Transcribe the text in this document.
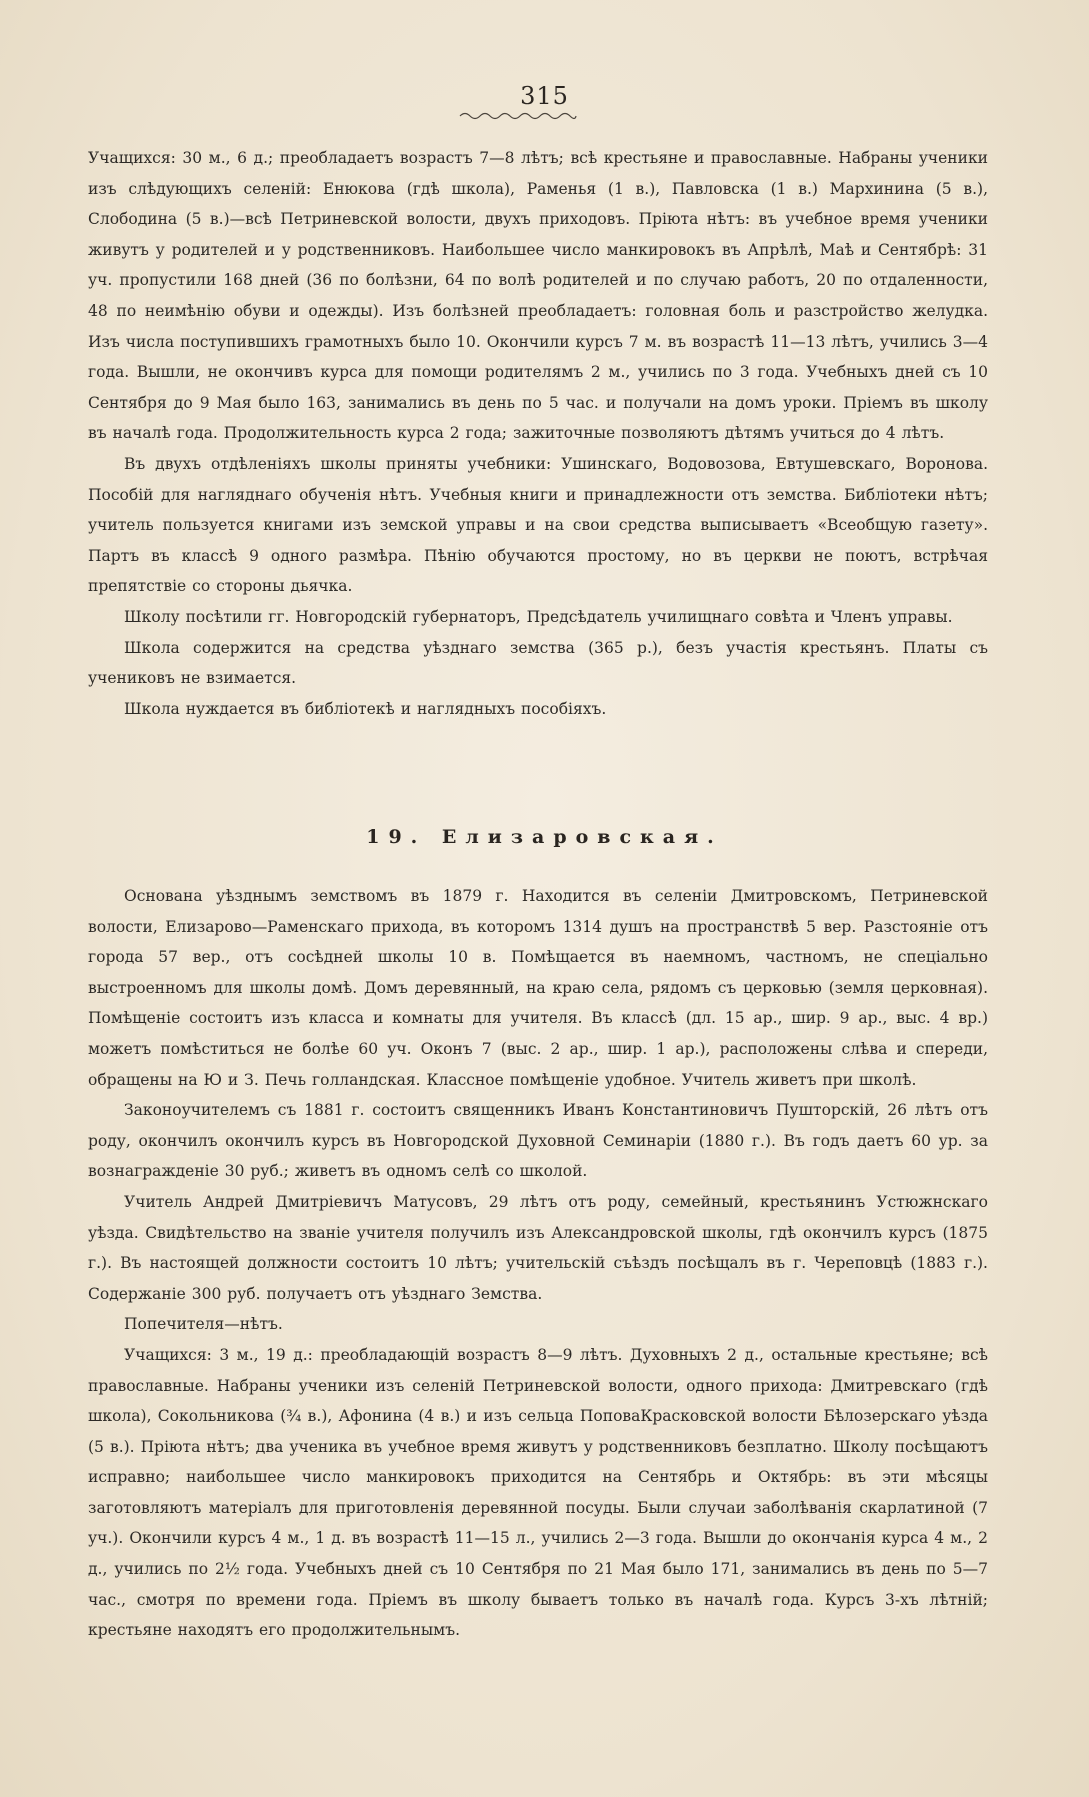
315

Учащихся: 30 м., 6 д.; преобладаетъ возрастъ 7—8 лѣтъ; всѣ крестьяне и православные. Набраны ученики изъ слѣдующихъ селеній: Енюкова (гдѣ школа), Раменья (1 в.), Павловска (1 в.) Мархинина (5 в.), Слободина (5 в.)—всѣ Петриневской волости, двухъ приходовъ. Пріюта нѣтъ: въ учебное время ученики живутъ у родителей и у родственниковъ. Наибольшее число манкировокъ въ Апрѣлѣ, Маѣ и Сентябрѣ: 31 уч. пропустили 168 дней (36 по болѣзни, 64 по волѣ родителей и по случаю работъ, 20 по отдаленности, 48 по неимѣнію обуви и одежды). Изъ болѣзней преобладаетъ: головная боль и разстройство желудка. Изъ числа поступившихъ грамотныхъ было 10. Окончили курсъ 7 м. въ возрастѣ 11—13 лѣтъ, учились 3—4 года. Вышли, не окончивъ курса для помощи родителямъ 2 м., учились по 3 года. Учебныхъ дней съ 10 Сентября до 9 Мая было 163, занимались въ день по 5 час. и получали на домъ уроки. Пріемъ въ школу въ началѣ года. Продолжительность курса 2 года; зажиточные позволяютъ дѣтямъ учиться до 4 лѣтъ.

Въ двухъ отдѣленіяхъ школы приняты учебники: Ушинскаго, Водовозова, Евтушевскаго, Воронова. Пособій для нагляднаго обученія нѣтъ. Учебныя книги и принадлежности отъ земства. Библіотеки нѣтъ; учитель пользуется книгами изъ земской управы и на свои средства выписываетъ «Всеобщую газету». Партъ въ классѣ 9 одного размѣра. Пѣнію обучаются простому, но въ церкви не поютъ, встрѣчая препятствіе со стороны дьячка.

Школу посѣтили гг. Новгородскій губернаторъ, Предсѣдатель училищнаго совѣта и Членъ управы.

Школа содержится на средства уѣзднаго земства (365 р.), безъ участія крестьянъ. Платы съ учениковъ не взимается.

Школа нуждается въ библіотекѣ и наглядныхъ пособіяхъ.

19. Елизаровская.

Основана уѣзднымъ земствомъ въ 1879 г. Находится въ селеніи Дмитровскомъ, Петриневской волости, Елизарово—Раменскаго прихода, въ которомъ 1314 душъ на пространствѣ 5 вер. Разстояніе отъ города 57 вер., отъ сосѣдней школы 10 в. Помѣщается въ наемномъ, частномъ, не спеціально выстроенномъ для школы домѣ. Домъ деревянный, на краю села, рядомъ съ церковью (земля церковная). Помѣщеніе состоитъ изъ класса и комнаты для учителя. Въ классѣ (дл. 15 ар., шир. 9 ар., выс. 4 вр.) можетъ помѣститься не болѣе 60 уч. Оконъ 7 (выс. 2 ар., шир. 1 ар.), расположены слѣва и спереди, обращены на Ю и З. Печь голландская. Классное помѣщеніе удобное. Учитель живетъ при школѣ.

Законоучителемъ съ 1881 г. состоитъ священникъ Иванъ Константиновичъ Пушторскій, 26 лѣтъ отъ роду, окончилъ окончилъ курсъ въ Новгородской Духовной Семинаріи (1880 г.). Въ годъ даетъ 60 ур. за вознагражденіе 30 руб.; живетъ въ одномъ селѣ со школой.

Учитель Андрей Дмитріевичъ Матусовъ, 29 лѣтъ отъ роду, семейный, крестьянинъ Устюжнскаго уѣзда. Свидѣтельство на званіе учителя получилъ изъ Александровской школы, гдѣ окончилъ курсъ (1875 г.). Въ настоящей должности состоитъ 10 лѣтъ; учительскій съѣздъ посѣщалъ въ г. Череповцѣ (1883 г.). Содержаніе 300 руб. получаетъ отъ уѣзднаго Земства.

Попечителя—нѣтъ.

Учащихся: 3 м., 19 д.: преобладающій возрастъ 8—9 лѣтъ. Духовныхъ 2 д., остальные крестьяне; всѣ православные. Набраны ученики изъ селеній Петриневской волости, одного прихода: Дмитревскаго (гдѣ школа), Сокольникова (¾ в.), Афонина (4 в.) и изъ сельца ПоповаКрасковской волости Бѣлозерскаго уѣзда (5 в.). Пріюта нѣтъ; два ученика въ учебное время живутъ у родственниковъ безплатно. Школу посѣщаютъ исправно; наибольшее число манкировокъ приходится на Сентябрь и Октябрь: въ эти мѣсяцы заготовляютъ матеріалъ для приготовленія деревянной посуды. Были случаи заболѣванія скарлатиной (7 уч.). Окончили курсъ 4 м., 1 д. въ возрастѣ 11—15 л., учились 2—3 года. Вышли до окончанія курса 4 м., 2 д., учились по 2½ года. Учебныхъ дней съ 10 Сентября по 21 Мая было 171, занимались въ день по 5—7 час., смотря по времени года. Пріемъ въ школу бываетъ только въ началѣ года. Курсъ 3-хъ лѣтній; крестьяне находятъ его продолжительнымъ.
